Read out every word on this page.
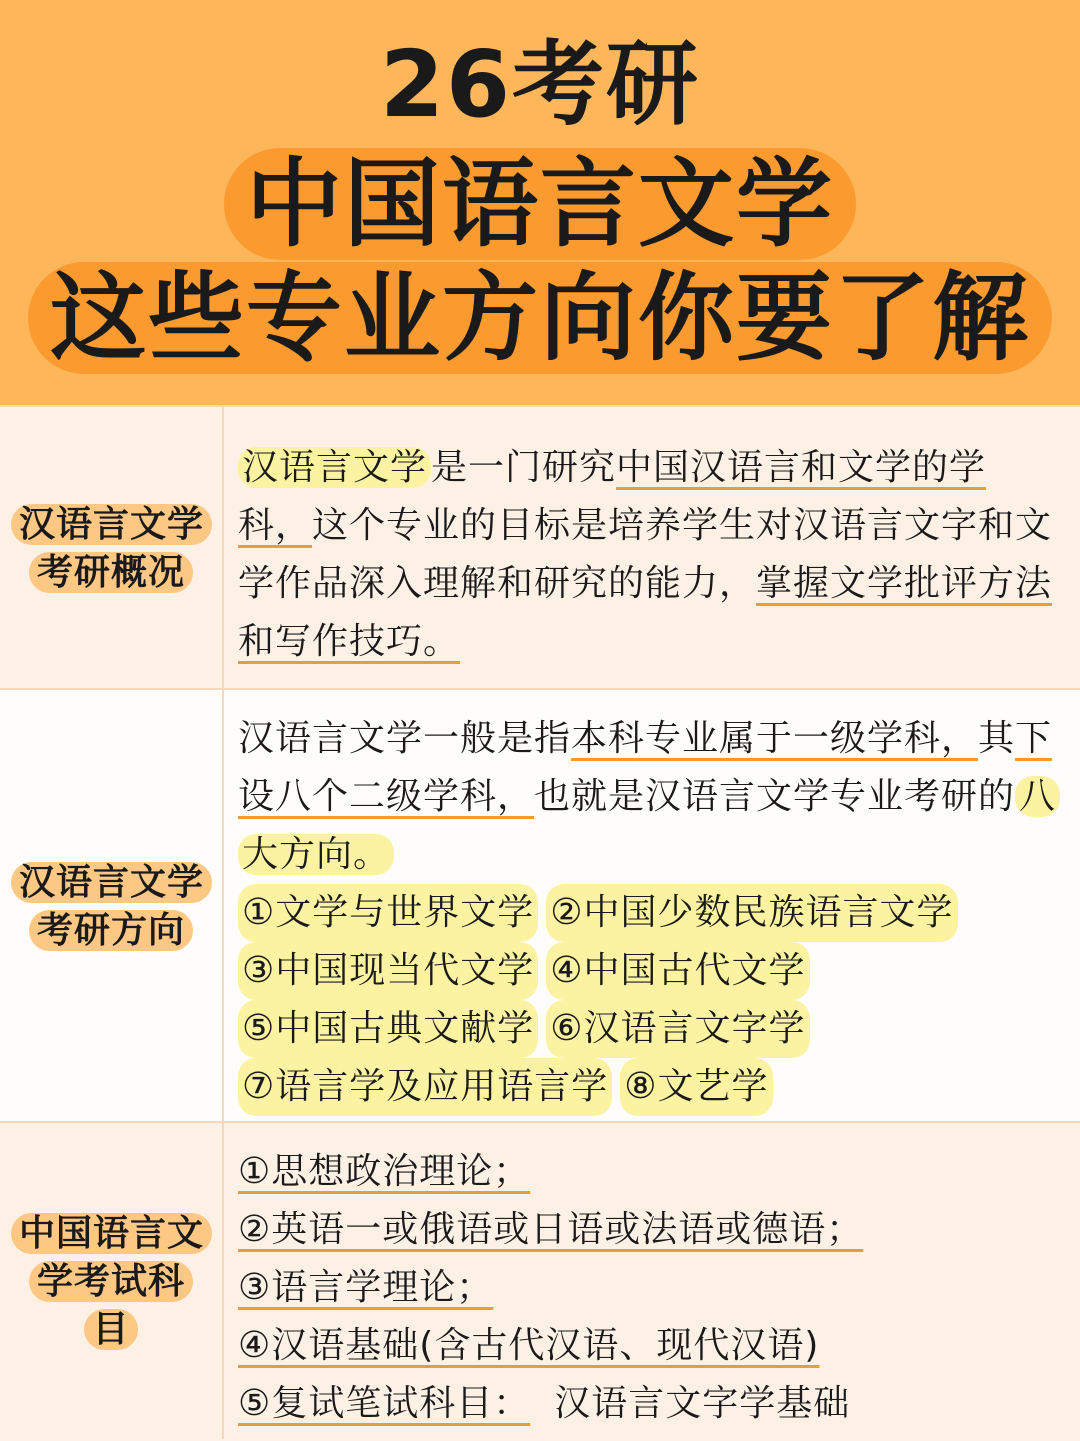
26考研
中国语言文学
这些专业方向你要了解
汉语言文学考研概况

汉语言文学 是一门研究中国汉语言和文学的学科，这个专业的目标是培养学生对汉语言文字和文学作品深入理解和研究的能力，掌握文学批评方法和写作技巧。

汉语言文学考研方向

汉语言文学一般是指本科专业属于一级学科，其下设八个二级学科，也就是汉语言文学专业考研的 八大方向。

①文学与世界文学 ②中国少数民族语言文学

③中国现当代文学 ④中国古代文学

⑤中国古典文献学 ⑥汉语言文字学

⑦语言学及应用语言学 ⑧文艺学

中国语言文学考试科目
①思想政治理论；
②英语一或俄语或日语或法语或德语；
③语言学理论；
④汉语基础(含古代汉语、现代汉语)
⑤复试笔试科目： 汉语言文字学基础
